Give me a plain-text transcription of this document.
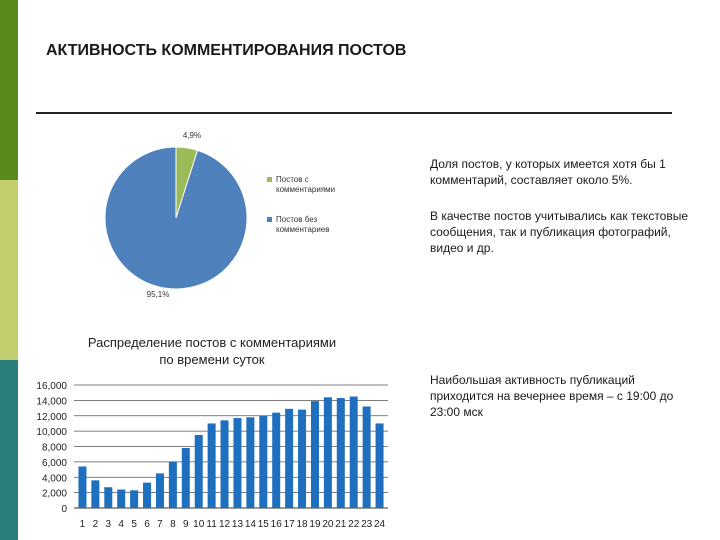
АКТИВНОСТЬ КОММЕНТИРОВАНИЯ ПОСТОВ

Доля постов, у которых имеется хотя бы 1 комментарий, составляет около 5%.

В качестве постов учитывались как текстовые сообщения, так и публикация фотографий, видео и др.

Наибольшая активность публикаций приходится на вечернее время – с 19:00 до 23:00 мск

4,9%
95,1%
Постов с
комментариями
Постов без
комментариев
Распределение постов с комментариями
по времени суток
0
2,000
4,000
6,000
8,000
10,000
12,000
14,000
16,000
1 2 3 4 5 6 7 8 9 10 11 12 13 14 15 16 17 18 19 20 21 22 23 24
